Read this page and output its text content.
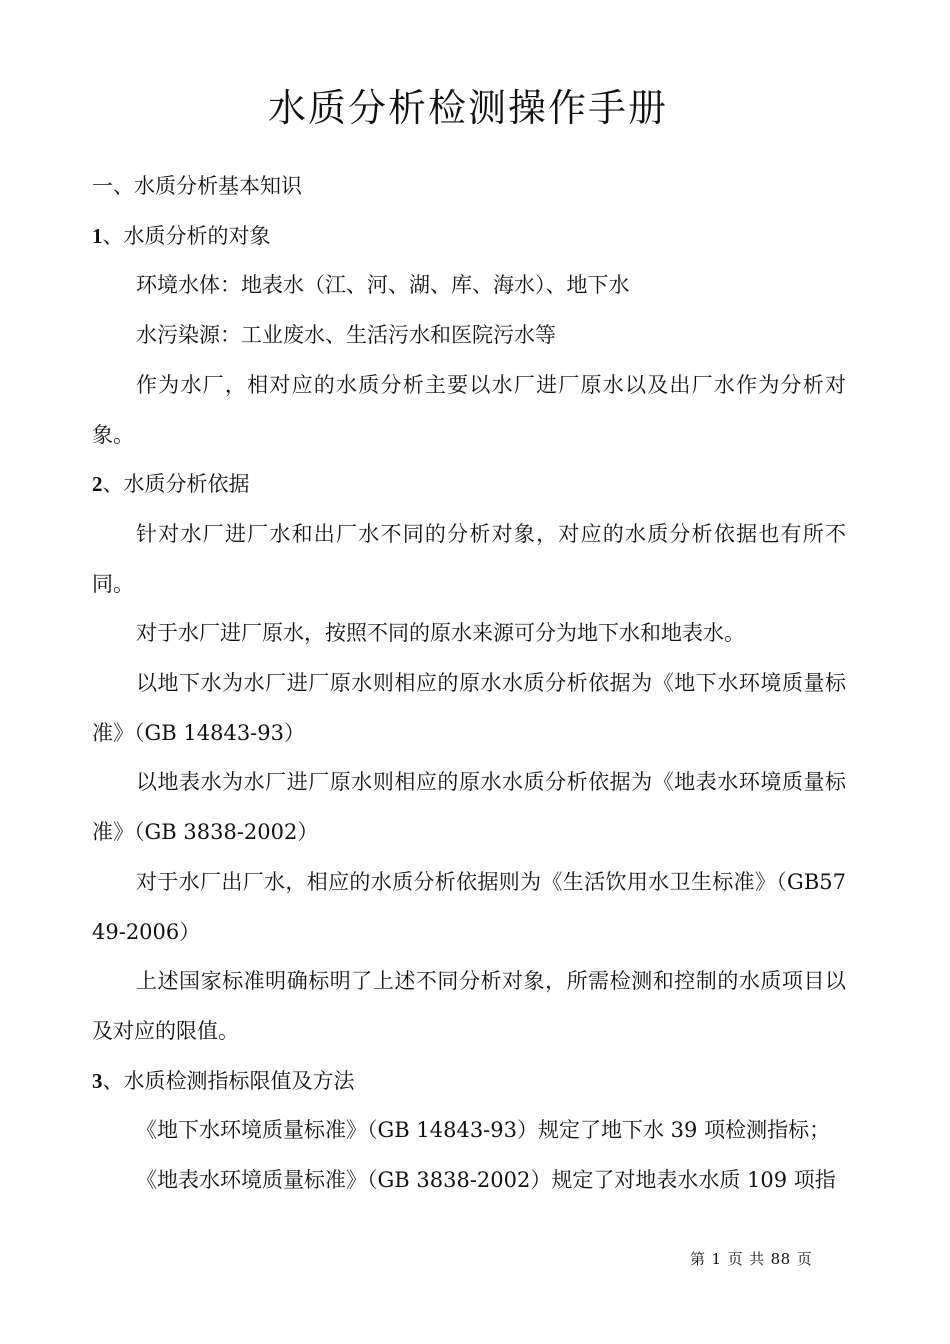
水质分析检测操作手册

一、水质分析基本知识

1、水质分析的对象

环境水体：地表水（江、河、湖、库、海水）、地下水

水污染源：工业废水、生活污水和医院污水等

作为水厂，相对应的水质分析主要以水厂进厂原水以及出厂水作为分析对象。

2、水质分析依据

针对水厂进厂水和出厂水不同的分析对象，对应的水质分析依据也有所不同。

对于水厂进厂原水，按照不同的原水来源可分为地下水和地表水。

以地下水为水厂进厂原水则相应的原水水质分析依据为《地下水环境质量标准》（GB 14843-93）

以地表水为水厂进厂原水则相应的原水水质分析依据为《地表水环境质量标准》（GB 3838-2002）

对于水厂出厂水，相应的水质分析依据则为《生活饮用水卫生标准》（GB5749-2006）

上述国家标准明确标明了上述不同分析对象，所需检测和控制的水质项目以及对应的限值。

3、水质检测指标限值及方法

《地下水环境质量标准》（GB 14843-93）规定了地下水 39 项检测指标；

《地表水环境质量标准》（GB 3838-2002）规定了对地表水水质 109 项指

第 1 页 共 88 页
